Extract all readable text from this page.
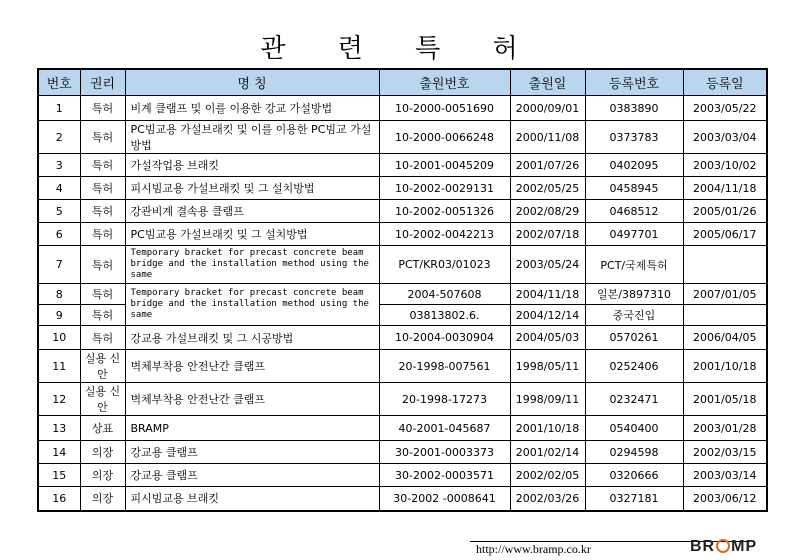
관 련 특 허
번호	권리	명 칭	출원번호	출원일	등록번호	등록일
1	특허	비계 클램프 및 이를 이용한 강교 가설방법	10-2000-0051690	2000/09/01	0383890	2003/05/22
2	특허	PC빔교용 가설브래킷 및 이를 이용한 PC빔교 가설방법	10-2000-0066248	2000/11/08	0373783	2003/03/04
3	특허	가설작업용 브래킷	10-2001-0045209	2001/07/26	0402095	2003/10/02
4	특허	피시빔교용 가설브래킷 및 그 설치방법	10-2002-0029131	2002/05/25	0458945	2004/11/18
5	특허	강관비계 결속용 클램프	10-2002-0051326	2002/08/29	0468512	2005/01/26
6	특허	PC빔교용 가설브래킷 및 그 설치방법	10-2002-0042213	2002/07/18	0497701	2005/06/17
7	특허	Temporary bracket for precast concrete beam bridge and the installation method using the same	PCT/KR03/01023	2003/05/24	PCT/국제특허	
8	특허	Temporary bracket for precast concrete beam bridge and the installation method using the same	2004-507608	2004/11/18	일본/3897310	2007/01/05
9	특허		03813802.6.	2004/12/14	중국진입	
10	특허	강교용 가설브래킷 및 그 시공방법	10-2004-0030904	2004/05/03	0570261	2006/04/05
11	실용 신안	벽체부착용 안전난간 클램프	20-1998-007561	1998/05/11	0252406	2001/10/18
12	실용 신안	벽체부착용 안전난간 클램프	20-1998-17273	1998/09/11	0232471	2001/05/18
13	상표	BRAMP	40-2001-045687	2001/10/18	0540400	2003/01/28
14	의장	강교용 클램프	30-2001-0003373	2001/02/14	0294598	2002/03/15
15	의장	강교용 클램프	30-2002-0003571	2002/02/05	0320666	2003/03/14
16	의장	피시빔교용 브래킷	30-2002 -0008641	2002/03/26	0327181	2003/06/12
http://www.bramp.co.kr	BR MP
